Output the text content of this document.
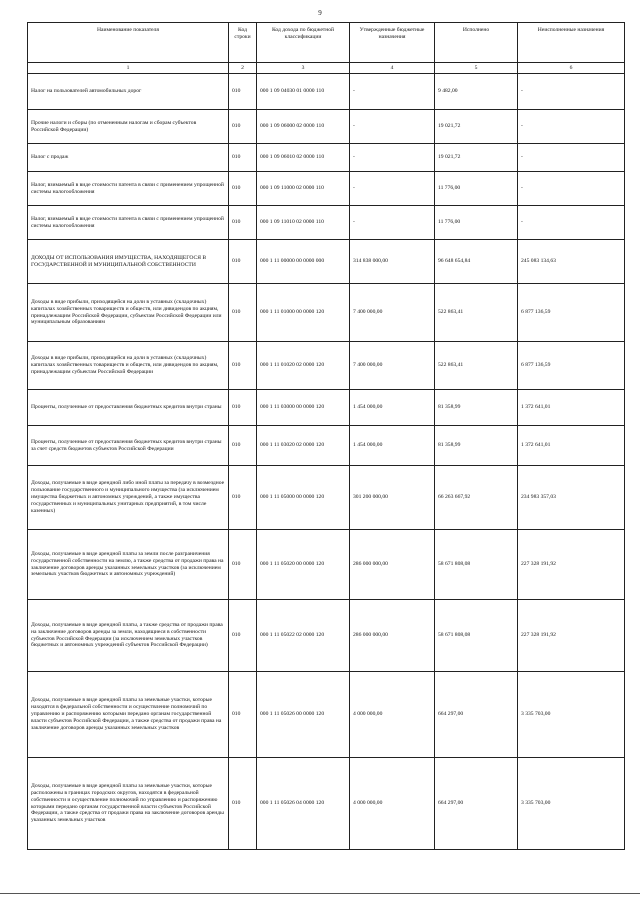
9
Наименование показателя	Код строки	Код дохода по бюджетной классификации	Утвержденные бюджетные назначения	Исполнено	Неисполненные назначения
1	2	3	4	5	6
Налог на пользователей автомобильных дорог	010	000 1 09 04030 01 0000 110	-	9 482,00	-
Прочие налоги и сборы (по отмененным налогам и сборам субъектов Российской Федерации)	010	000 1 09 06000 02 0000 110	-	19 021,72	-
Налог с продаж	010	000 1 09 06010 02 0000 110	-	19 021,72	-
Налог, взимаемый в виде стоимости патента в связи с применением упрощенной системы налогообложения	010	000 1 09 11000 02 0000 110	-	11 776,00	-
Налог, взимаемый в виде стоимости патента в связи с применением упрощенной системы налогообложения	010	000 1 09 11010 02 0000 110	-	11 776,00	-
ДОХОДЫ ОТ ИСПОЛЬЗОВАНИЯ ИМУЩЕСТВА, НАХОДЯЩЕГОСЯ В ГОСУДАРСТВЕННОЙ И МУНИЦИПАЛЬНОЙ СОБСТВЕННОСТИ	010	000 1 11 00000 00 0000 000	314 838 000,00	96 648 654,84	245 083 134,63
Доходы в виде прибыли, приходящейся на доли в уставных (складочных) капиталах хозяйственных товариществ и обществ, или дивидендов по акциям, принадлежащим Российской Федерации, субъектам Российской Федерации или муниципальным образованиям	010	000 1 11 01000 00 0000 120	7 400 000,00	522 863,41	6 877 136,59
Доходы в виде прибыли, приходящейся на доли в уставных (складочных) капиталах хозяйственных товариществ и обществ, или дивидендов по акциям, принадлежащим субъектам Российской Федерации	010	000 1 11 01020 02 0000 120	7 400 000,00	522 863,41	6 877 136,59
Проценты, полученные от предоставления бюджетных кредитов внутри страны	010	000 1 11 03000 00 0000 120	1 454 000,00	81 358,99	1 372 641,01
Проценты, полученные от предоставления бюджетных кредитов внутри страны за счет средств бюджетов субъектов Российской Федерации	010	000 1 11 03020 02 0000 120	1 454 000,00	81 358,99	1 372 641,01
Доходы, получаемые в виде арендной либо иной платы за передачу в возмездное пользование государственного и муниципального имущества (за исключением имущества бюджетных и автономных учреждений, а также имущества государственных и муниципальных унитарных предприятий, в том числе казенных)	010	000 1 11 05000 00 0000 120	301 200 000,00	66 263 667,92	234 983 357,03
Доходы, получаемые в виде арендной платы за земли после разграничения государственной собственности на землю, а также средства от продажи права на заключение договоров аренды указанных земельных участков (за исключением земельных участков бюджетных и автономных учреждений)	010	000 1 11 05020 00 0000 120	286 000 000,00	58 671 808,08	227 328 191,92
Доходы, получаемые в виде арендной платы, а также средства от продажи права на заключение договоров аренды за земли, находящиеся в собственности субъектов Российской Федерации (за исключением земельных участков бюджетных и автономных учреждений субъектов Российской Федерации)	010	000 1 11 05022 02 0000 120	286 000 000,00	58 671 808,08	227 328 191,92
Доходы, получаемые в виде арендной платы за земельные участки, которые находятся в федеральной собственности и осуществление полномочий по управлению и распоряжению которыми передано органам государственной власти субъектов Российской Федерации, а также средства от продажи права на заключение договоров аренды указанных земельных участков	010	000 1 11 05026 00 0000 120	4 000 000,00	664 297,00	3 335 703,00
Доходы, получаемые в виде арендной платы за земельные участки, которые расположены в границах городских округов, находятся в федеральной собственности и осуществление полномочий по управлению и распоряжению которыми передано органам государственной власти субъектов Российской Федерации, а также средства от продажи права на заключение договоров аренды указанных земельных участков	010	000 1 11 05026 04 0000 120	4 000 000,00	664 297,00	3 335 703,00
